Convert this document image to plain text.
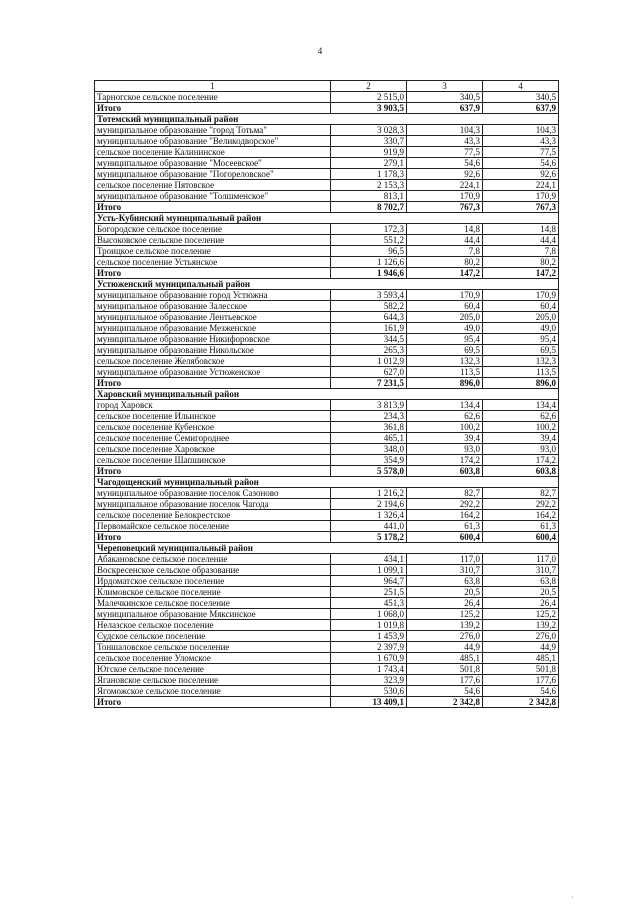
4
1	2	3	4
Тарногское сельское поселение	2 515,0	340,5	340,5
Итого	3 903,5	637,9	637,9
Тотемский муниципальный район			
муниципальное образование "город Тотьма"	3 028,3	104,3	104,3
муниципальное образование "Великодворское"	330,7	43,3	43,3
сельское поселение Калининское	919,9	77,5	77,5
муниципальное образование "Мосеевское"	279,1	54,6	54,6
муниципальное образование "Погореловское"	1 178,3	92,6	92,6
сельское поселение Пятовское	2 153,3	224,1	224,1
муниципальное образование "Толшменское"	813,1	170,9	170,9
Итого	8 702,7	767,3	767,3
Усть-Кубинский муниципальный район			
Богородское сельское поселение	172,3	14,8	14,8
Высоковское сельское поселение	551,2	44,4	44,4
Троицкое сельское поселение	96,5	7,8	7,8
сельское поселение Устьянское	1 126,6	80,2	80,2
Итого	1 946,6	147,2	147,2
Устюженский муниципальный район			
муниципальное образование город Устюжна	3 593,4	170,9	170,9
муниципальное образование Залесское	582,2	60,4	60,4
муниципальное образование Лентьевское	644,3	205,0	205,0
муниципальное образование Мезженское	161,9	49,0	49,0
муниципальное образование Никифоровское	344,5	95,4	95,4
муниципальное образование Никольское	265,3	69,5	69,5
сельское поселение Желябовское	1 012,9	132,3	132,3
муниципальное образование Устюженское	627,0	113,5	113,5
Итого	7 231,5	896,0	896,0
Харовский муниципальный район			
город Харовск	3 813,9	134,4	134,4
сельское поселение Ильинское	234,3	62,6	62,6
сельское поселение Кубенское	361,8	100,2	100,2
сельское поселение Семигороднее	465,1	39,4	39,4
сельское поселение Харовское	348,0	93,0	93,0
сельское поселение Шапшинское	354,9	174,2	174,2
Итого	5 578,0	603,8	603,8
Чагодощенский муниципальный район			
муниципальное образование поселок Сазоново	1 216,2	82,7	82,7
муниципальное образование поселок Чагода	2 194,6	292,2	292,2
сельское поселение Белокрестское	1 326,4	164,2	164,2
Первомайское сельское поселение	441,0	61,3	61,3
Итого	5 178,2	600,4	600,4
Череповецкий муниципальный район			
Абакановское сельское поселение	434,1	117,0	117,0
Воскресенское сельское образование	1 099,1	310,7	310,7
Ирдоматское сельское поселение	964,7	63,8	63,8
Климовское сельское поселение	251,5	20,5	20,5
Малечкинское сельское поселение	451,3	26,4	26,4
муниципальное образование Мяксинское	1 068,0	125,2	125,2
Нелазское сельское поселение	1 019,8	139,2	139,2
Судское сельское поселение	1 453,9	276,0	276,0
Тоншаловское сельское поселение	2 397,9	44,9	44,9
сельское поселение Уломское	1 670,9	485,1	485,1
Югское сельское поселение	1 743,4	501,8	501,8
Ягановское сельское поселение	323,9	177,6	177,6
Ягоможское сельское поселение	530,6	54,6	54,6
Итого	13 409,1	2 342,8	2 342,8
,
